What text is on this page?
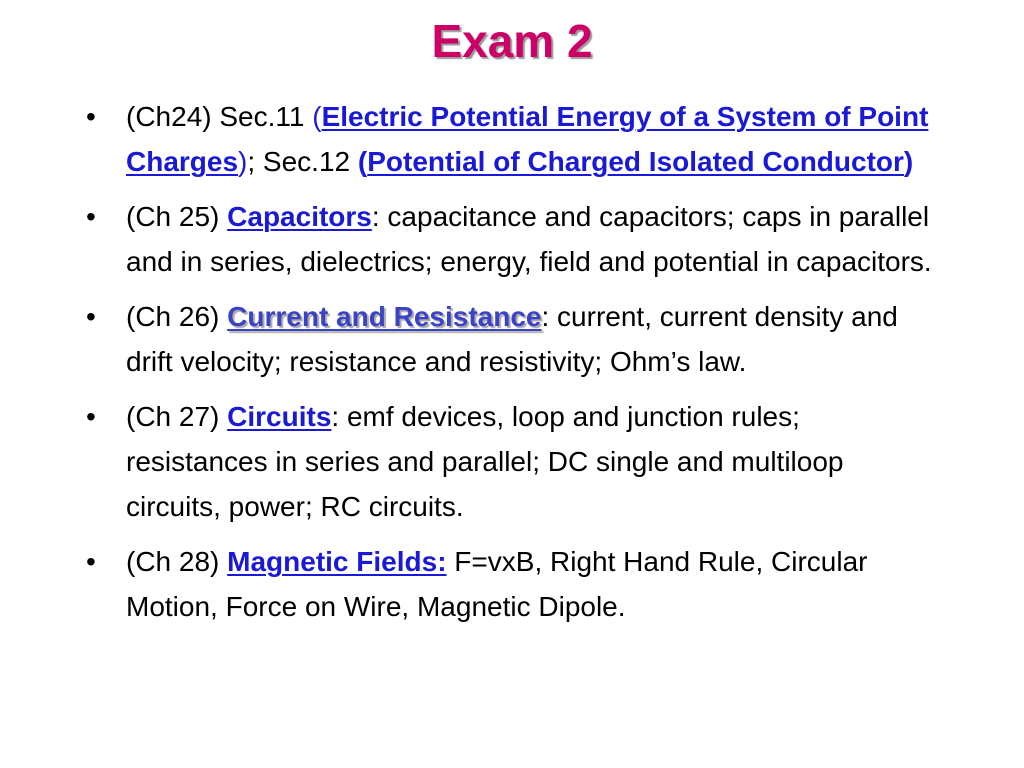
Exam 2
•	(Ch24) Sec.11 (Electric Potential Energy of a System of Point Charges); Sec.12 (Potential of Charged Isolated Conductor)
•	(Ch 25) Capacitors: capacitance and capacitors; caps in parallel and in series, dielectrics; energy, field and potential in capacitors.
•	(Ch 26) Current and Resistance: current, current density and drift velocity; resistance and resistivity; Ohm’s law.
•	(Ch 27) Circuits: emf devices, loop and junction rules; resistances in series and parallel; DC single and multiloop circuits, power; RC circuits.
•	(Ch 28) Magnetic Fields: F=vxB, Right Hand Rule, Circular Motion, Force on Wire, Magnetic Dipole.
